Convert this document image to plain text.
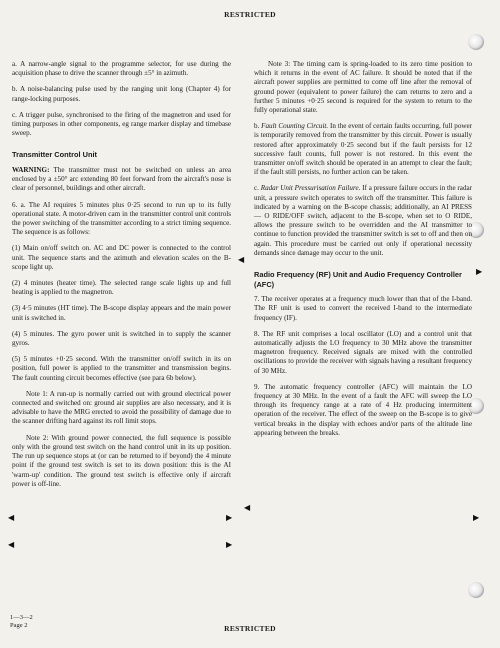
RESTRICTED

a. A narrow-angle signal to the programme selector, for use during the acquisition phase to drive the scanner through ±5° in azimuth.

b. A noise-balancing pulse used by the ranging unit long (Chapter 4) for range-locking purposes.

c. A trigger pulse, synchronised to the firing of the magnetron and used for timing purposes in other components, eg range marker display and timebase sweep.

Transmitter Control Unit

WARNING: The transmitter must not be switched on unless an area enclosed by a ±50° arc extending 80 feet forward from the aircraft's nose is clear of personnel, buildings and other aircraft.

6. a. The AI requires 5 minutes plus 0·25 second to run up to its fully operational state. A motor-driven cam in the transmitter control unit controls the power switching of the transmitter according to a strict timing sequence. The sequence is as follows:

(1) Main on/off switch on. AC and DC power is connected to the control unit. The sequence starts and the azimuth and elevation scales on the B-scope light up.

(2) 4 minutes (heater time). The selected range scale lights up and full heating is applied to the magnetron.

(3) 4·5 minutes (HT time). The B-scope display appears and the main power unit is switched in.

(4) 5 minutes. The gyro power unit is switched in to supply the scanner gyros.

(5) 5 minutes +0·25 second. With the transmitter on/off switch in its on position, full power is applied to the transmitter and transmission begins. The fault counting circuit becomes effective (see para 6b below).

Note 1: A run-up is normally carried out with ground electrical power connected and switched on: ground air supplies are also necessary, and it is advisable to have the MRG erected to avoid the possibility of damage due to the scanner drifting hard against its roll limit stops.

Note 2: With ground power connected, the full sequence is possible only with the ground test switch on the hand control unit in its up position. The run up sequence stops at (or can be returned to if beyond) the 4 minute point if the ground test switch is set to its down position: this is the AI 'warm-up' condition. The ground test switch is effective only if aircraft power is off-line.

Note 3: The timing cam is spring-loaded to its zero time position to which it returns in the event of AC failure. It should be noted that if the aircraft power supplies are permitted to come off line after the removal of ground power (equivalent to power failure) the cam returns to zero and a further 5 minutes +0·25 second is required for the system to return to the fully operational state.

b. Fault Counting Circuit. In the event of certain faults occurring, full power is temporarily removed from the transmitter by this circuit. Power is usually restored after approximately 0·25 second but if the fault persists for 12 successive fault counts, full power is not restored. In this event the transmitter on/off switch should be operated in an attempt to clear the fault; if the fault still persists, no further action can be taken.

c. Radar Unit Pressurisation Failure. If a pressure failure occurs in the radar unit, a pressure switch operates to switch off the transmitter. This failure is indicated by a warning on the B-scope chassis; additionally, an AI PRESS — O RIDE/OFF switch, adjacent to the B-scope, when set to O RIDE, allows the pressure switch to be overridden and the AI transmitter to continue to function provided the transmitter switch is set to off and then on again. This procedure must be carried out only if operational necessity demands since damage may occur to the unit.

Radio Frequency (RF) Unit and Audio Frequency Controller (AFC)

7. The receiver operates at a frequency much lower than that of the I-band. The RF unit is used to convert the received I-band to the intermediate frequency (IF).

8. The RF unit comprises a local oscillator (LO) and a control unit that automatically adjusts the LO frequency to 30 MHz above the transmitter magnetron frequency. Received signals are mixed with the controlled oscillations to provide the receiver with signals having a resultant frequency of 30 MHz.

9. The automatic frequency controller (AFC) will maintain the LO frequency at 30 MHz. In the event of a fault the AFC will sweep the LO through its frequency range at a rate of 4 Hz producing intermittent operation of the receiver. The effect of the sweep on the B-scope is to give vertical breaks in the display with echoes and/or parts of the altitude line appearing between the breaks.

◀
◀
◀
◀
▶
▶
▶
▶
1—3—2
Page 2	RESTRICTED
